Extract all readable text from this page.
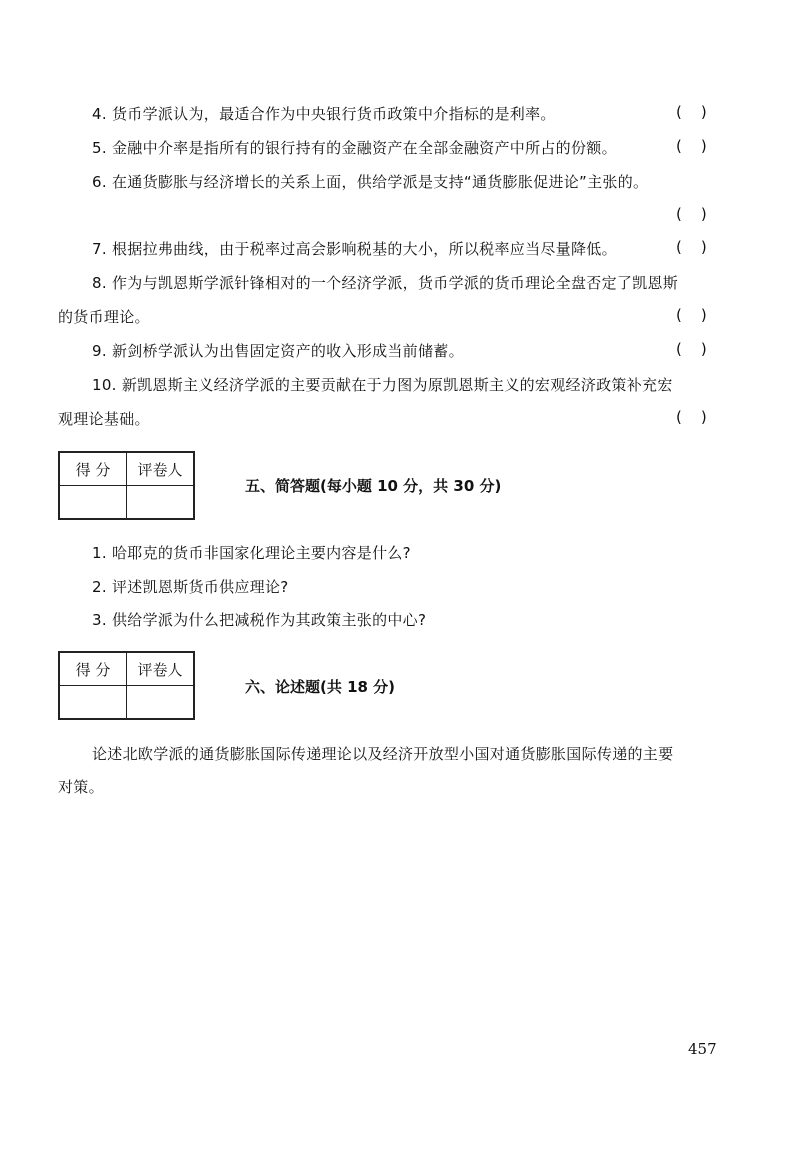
4. 货币学派认为，最适合作为中央银行货币政策中介指标的是利率。	(    )
5. 金融中介率是指所有的银行持有的金融资产在全部金融资产中所占的份额。	(    )
6. 在通货膨胀与经济增长的关系上面，供给学派是支持“通货膨胀促进论”主张的。
(    )
7. 根据拉弗曲线，由于税率过高会影响税基的大小，所以税率应当尽量降低。	(    )
8. 作为与凯恩斯学派针锋相对的一个经济学派，货币学派的货币理论全盘否定了凯恩斯
的货币理论。	(    )
9. 新剑桥学派认为出售固定资产的收入形成当前储蓄。	(    )
10. 新凯恩斯主义经济学派的主要贡献在于力图为原凯恩斯主义的宏观经济政策补充宏
观理论基础。	(    )
得 分	评卷人

五、简答题(每小题 10 分，共 30 分)
1. 哈耶克的货币非国家化理论主要内容是什么?
2. 评述凯恩斯货币供应理论?
3. 供给学派为什么把减税作为其政策主张的中心?
得 分	评卷人

六、论述题(共 18 分)
论述北欧学派的通货膨胀国际传递理论以及经济开放型小国对通货膨胀国际传递的主要
对策。
457
